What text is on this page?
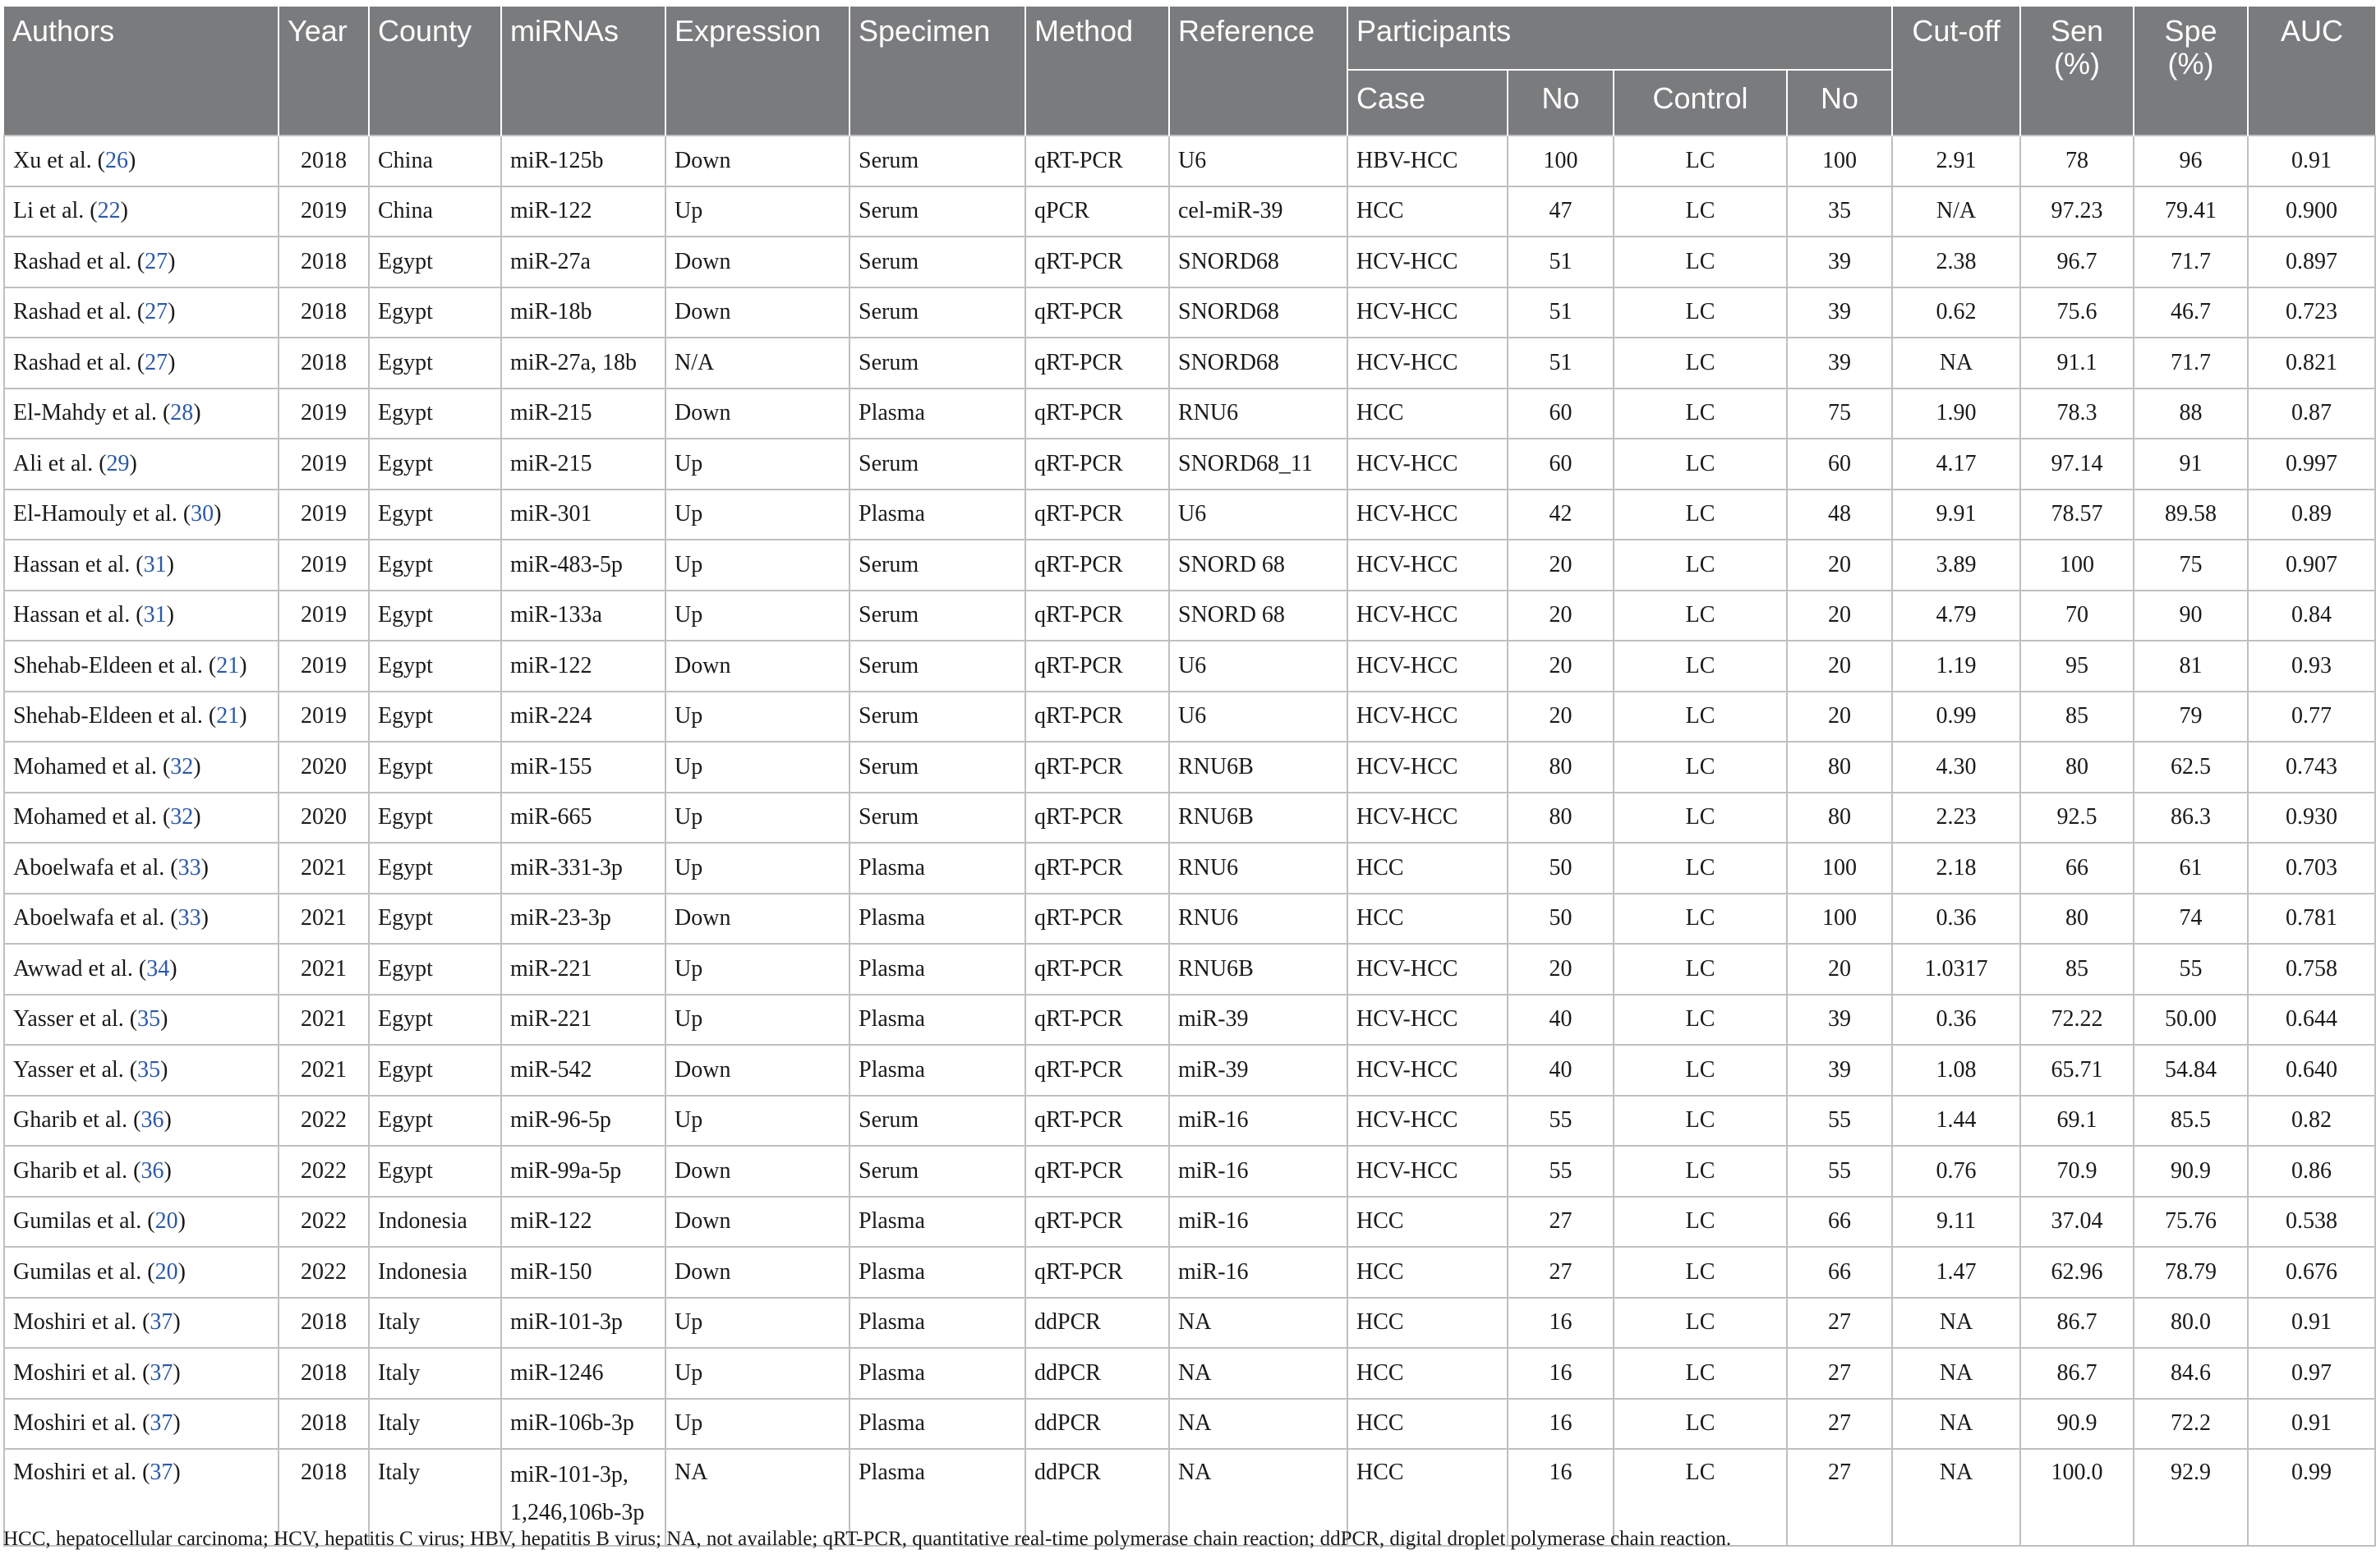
Authors	Year	County	miRNAs	Expression	Specimen	Method	Reference	Participants				Cut-off	Sen (%)	Spe (%)	AUC
								Case	No	Control	No				
Xu et al. (26)	2018	China	miR-125b	Down	Serum	qRT-PCR	U6	HBV-HCC	100	LC	100	2.91	78	96	0.91
Li et al. (22)	2019	China	miR-122	Up	Serum	qPCR	cel-miR-39	HCC	47	LC	35	N/A	97.23	79.41	0.900
Rashad et al. (27)	2018	Egypt	miR-27a	Down	Serum	qRT-PCR	SNORD68	HCV-HCC	51	LC	39	2.38	96.7	71.7	0.897
Rashad et al. (27)	2018	Egypt	miR-18b	Down	Serum	qRT-PCR	SNORD68	HCV-HCC	51	LC	39	0.62	75.6	46.7	0.723
Rashad et al. (27)	2018	Egypt	miR-27a, 18b	N/A	Serum	qRT-PCR	SNORD68	HCV-HCC	51	LC	39	NA	91.1	71.7	0.821
El-Mahdy et al. (28)	2019	Egypt	miR-215	Down	Plasma	qRT-PCR	RNU6	HCC	60	LC	75	1.90	78.3	88	0.87
Ali et al. (29)	2019	Egypt	miR-215	Up	Serum	qRT-PCR	SNORD68_11	HCV-HCC	60	LC	60	4.17	97.14	91	0.997
El-Hamouly et al. (30)	2019	Egypt	miR-301	Up	Plasma	qRT-PCR	U6	HCV-HCC	42	LC	48	9.91	78.57	89.58	0.89
Hassan et al. (31)	2019	Egypt	miR-483-5p	Up	Serum	qRT-PCR	SNORD 68	HCV-HCC	20	LC	20	3.89	100	75	0.907
Hassan et al. (31)	2019	Egypt	miR-133a	Up	Serum	qRT-PCR	SNORD 68	HCV-HCC	20	LC	20	4.79	70	90	0.84
Shehab-Eldeen et al. (21)	2019	Egypt	miR-122	Down	Serum	qRT-PCR	U6	HCV-HCC	20	LC	20	1.19	95	81	0.93
Shehab-Eldeen et al. (21)	2019	Egypt	miR-224	Up	Serum	qRT-PCR	U6	HCV-HCC	20	LC	20	0.99	85	79	0.77
Mohamed et al. (32)	2020	Egypt	miR-155	Up	Serum	qRT-PCR	RNU6B	HCV-HCC	80	LC	80	4.30	80	62.5	0.743
Mohamed et al. (32)	2020	Egypt	miR-665	Up	Serum	qRT-PCR	RNU6B	HCV-HCC	80	LC	80	2.23	92.5	86.3	0.930
Aboelwafa et al. (33)	2021	Egypt	miR-331-3p	Up	Plasma	qRT-PCR	RNU6	HCC	50	LC	100	2.18	66	61	0.703
Aboelwafa et al. (33)	2021	Egypt	miR-23-3p	Down	Plasma	qRT-PCR	RNU6	HCC	50	LC	100	0.36	80	74	0.781
Awwad et al. (34)	2021	Egypt	miR-221	Up	Plasma	qRT-PCR	RNU6B	HCV-HCC	20	LC	20	1.0317	85	55	0.758
Yasser et al. (35)	2021	Egypt	miR-221	Up	Plasma	qRT-PCR	miR-39	HCV-HCC	40	LC	39	0.36	72.22	50.00	0.644
Yasser et al. (35)	2021	Egypt	miR-542	Down	Plasma	qRT-PCR	miR-39	HCV-HCC	40	LC	39	1.08	65.71	54.84	0.640
Gharib et al. (36)	2022	Egypt	miR-96-5p	Up	Serum	qRT-PCR	miR-16	HCV-HCC	55	LC	55	1.44	69.1	85.5	0.82
Gharib et al. (36)	2022	Egypt	miR-99a-5p	Down	Serum	qRT-PCR	miR-16	HCV-HCC	55	LC	55	0.76	70.9	90.9	0.86
Gumilas et al. (20)	2022	Indonesia	miR-122	Down	Plasma	qRT-PCR	miR-16	HCC	27	LC	66	9.11	37.04	75.76	0.538
Gumilas et al. (20)	2022	Indonesia	miR-150	Down	Plasma	qRT-PCR	miR-16	HCC	27	LC	66	1.47	62.96	78.79	0.676
Moshiri et al. (37)	2018	Italy	miR-101-3p	Up	Plasma	ddPCR	NA	HCC	16	LC	27	NA	86.7	80.0	0.91
Moshiri et al. (37)	2018	Italy	miR-1246	Up	Plasma	ddPCR	NA	HCC	16	LC	27	NA	86.7	84.6	0.97
Moshiri et al. (37)	2018	Italy	miR-106b-3p	Up	Plasma	ddPCR	NA	HCC	16	LC	27	NA	90.9	72.2	0.91
Moshiri et al. (37)	2018	Italy	miR-101-3p, 1,246,106b-3p	NA	Plasma	ddPCR	NA	HCC	16	LC	27	NA	100.0	92.9	0.99
HCC, hepatocellular carcinoma; HCV, hepatitis C virus; HBV, hepatitis B virus; NA, not available; qRT-PCR, quantitative real-time polymerase chain reaction; ddPCR, digital droplet polymerase chain reaction.
